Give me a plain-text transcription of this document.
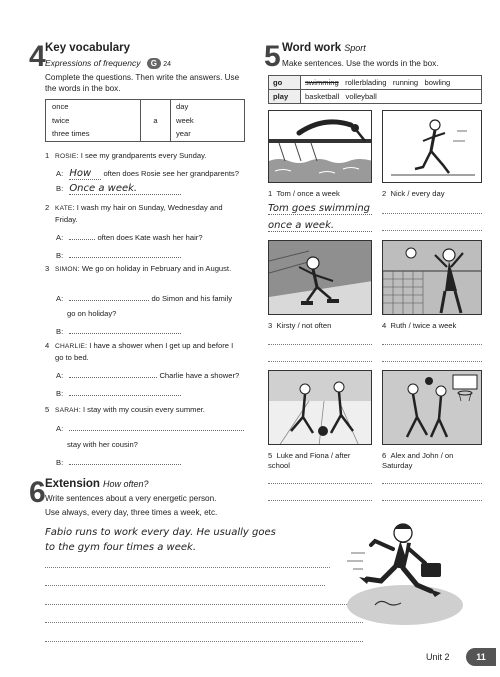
4 Key vocabulary
Expressions of frequency G 24
Complete the questions. Then write the answers. Use the words in the box.
once
twice
three times
	a	
day
week
year
1 ROSIE: I see my grandparents every Sunday.
A: How often does Rosie see her grandparents?
B: Once a week.
2 KATE: I wash my hair on Sunday, Wednesday and Friday.
A:	often does Kate wash her hair?
B:
3 SIMON: We go on holiday in February and in August.
A:	do Simon and his family
go on holiday?
B:
4 CHARLIE: I have a shower when I get up and before I go to bed.
A:	Charlie have a shower?
B:
5 SARAH: I stay with my cousin every summer.
A:
stay with her cousin?
B:
6 Extension How often?
Write sentences about a very energetic person.
Use always, every day, three times a week, etc.
Fabio runs to work every day. He usually goes
to the gym four times a week.
5 Word work Sport
Make sentences. Use the words in the box.
go	swimming rollerblading running bowling
play	basketball volleyball
1 Tom / once a week
Tom goes swimming
once a week.
2 Nick / every day
3 Kirsty / not often	4 Ruth / twice a week
5 Luke and Fiona / after school
6 Alex and John / on Saturday
Unit 2	11
